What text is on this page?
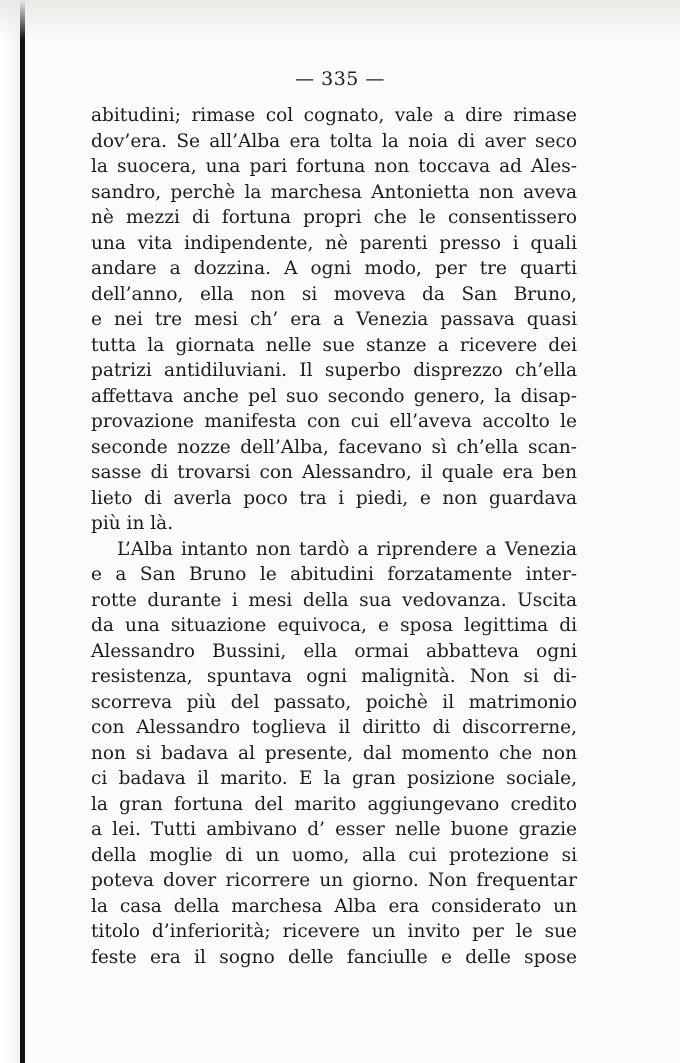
— 335 —
abitudini; rimase col cognato, vale a dire rimase
dov’era. Se all’Alba era tolta la noia di aver seco
la suocera, una pari fortuna non toccava ad Ales-
sandro, perchè la marchesa Antonietta non aveva
nè mezzi di fortuna propri che le consentissero
una vita indipendente, nè parenti presso i quali
andare a dozzina. A ogni modo, per tre quarti
dell’anno, ella non si moveva da San Bruno,
e nei tre mesi ch’ era a Venezia passava quasi
tutta la giornata nelle sue stanze a ricevere dei
patrizi antidiluviani. Il superbo disprezzo ch’ella
affettava anche pel suo secondo genero, la disap-
provazione manifesta con cui ell’aveva accolto le
seconde nozze dell’Alba, facevano sì ch’ella scan-
sasse di trovarsi con Alessandro, il quale era ben
lieto di averla poco tra i piedi, e non guardava
più in là.
L’Alba intanto non tardò a riprendere a Venezia
e a San Bruno le abitudini forzatamente inter-
rotte durante i mesi della sua vedovanza. Uscita
da una situazione equivoca, e sposa legittima di
Alessandro Bussini, ella ormai abbatteva ogni
resistenza, spuntava ogni malignità. Non si di-
scorreva più del passato, poichè il matrimonio
con Alessandro toglieva il diritto di discorrerne,
non si badava al presente, dal momento che non
ci badava il marito. E la gran posizione sociale,
la gran fortuna del marito aggiungevano credito
a lei. Tutti ambivano d’ esser nelle buone grazie
della moglie di un uomo, alla cui protezione si
poteva dover ricorrere un giorno. Non frequentar
la casa della marchesa Alba era considerato un
titolo d’inferiorità; ricevere un invito per le sue
feste era il sogno delle fanciulle e delle spose
